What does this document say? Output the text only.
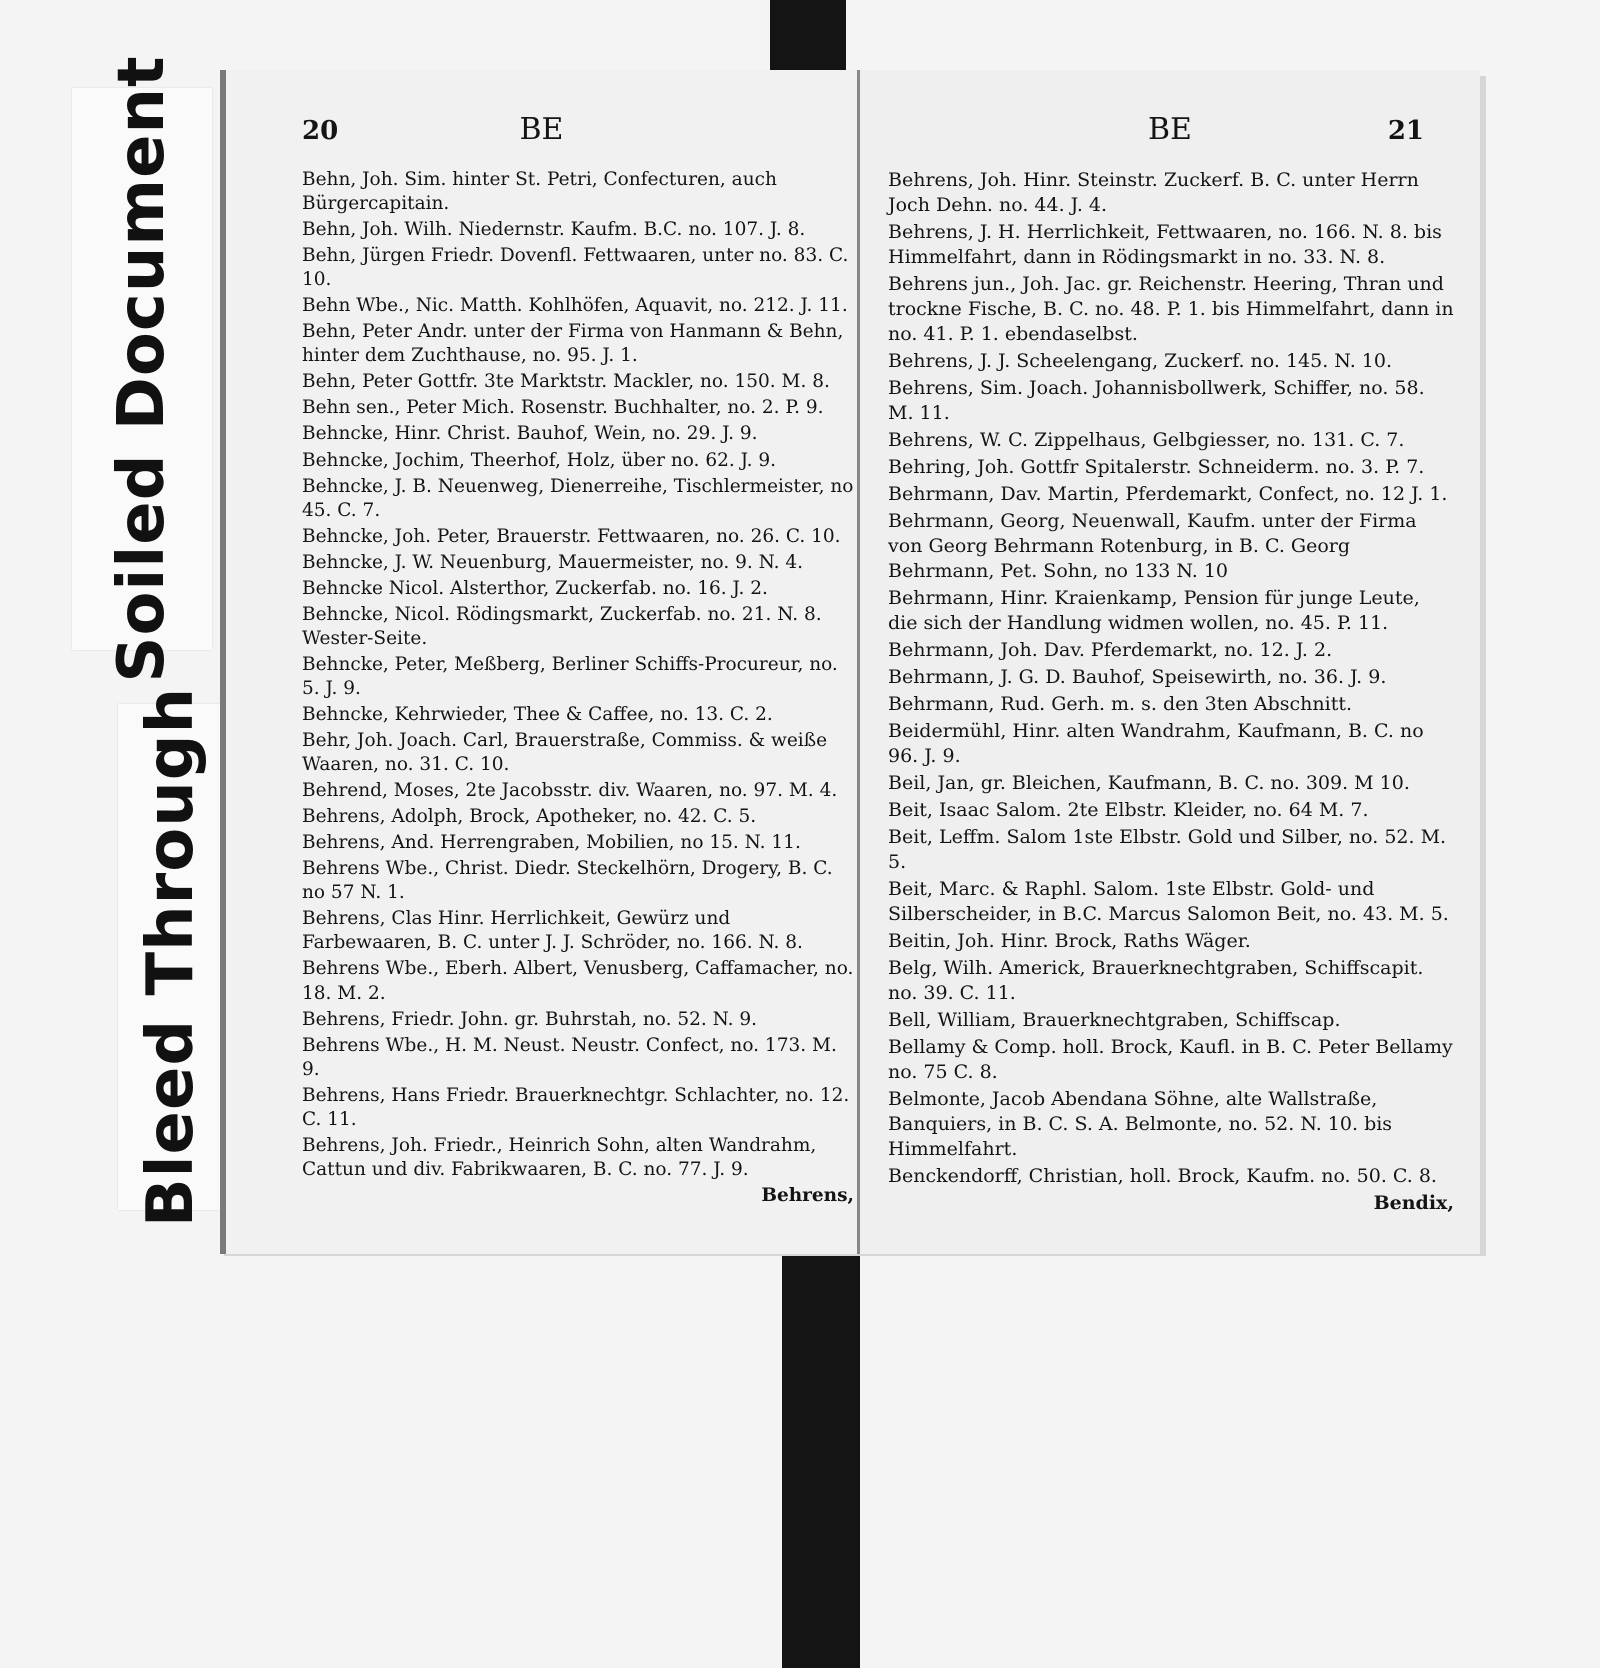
Soiled Document
Bleed Through
20	BE
Behn, Joh. Sim. hinter St. Petri, Confecturen, auch Bürgercapitain.
Behn, Joh. Wilh. Niedernstr. Kaufm. B.C. no. 107. J. 8.
Behn, Jürgen Friedr. Dovenfl. Fettwaaren, unter no. 83. C. 10.
Behn Wbe., Nic. Matth. Kohlhöfen, Aquavit, no. 212. J. 11.
Behn, Peter Andr. unter der Firma von Hanmann & Behn, hinter dem Zuchthause, no. 95. J. 1.
Behn, Peter Gottfr. 3te Marktstr. Mackler, no. 150. M. 8.
Behn sen., Peter Mich. Rosenstr. Buchhalter, no. 2. P. 9.
Behncke, Hinr. Christ. Bauhof, Wein, no. 29. J. 9.
Behncke, Jochim, Theerhof, Holz, über no. 62. J. 9.
Behncke, J. B. Neuenweg, Dienerreihe, Tischlermeister, no 45. C. 7.
Behncke, Joh. Peter, Brauerstr. Fettwaaren, no. 26. C. 10.
Behncke, J. W. Neuenburg, Mauermeister, no. 9. N. 4.
Behncke Nicol. Alsterthor, Zuckerfab. no. 16. J. 2.
Behncke, Nicol. Rödingsmarkt, Zuckerfab. no. 21. N. 8. Wester-Seite.
Behncke, Peter, Meßberg, Berliner Schiffs-Procureur, no. 5. J. 9.
Behncke, Kehrwieder, Thee & Caffee, no. 13. C. 2.
Behr, Joh. Joach. Carl, Brauerstraße, Commiss. & weiße Waaren, no. 31. C. 10.
Behrend, Moses, 2te Jacobsstr. div. Waaren, no. 97. M. 4.
Behrens, Adolph, Brock, Apotheker, no. 42. C. 5.
Behrens, And. Herrengraben, Mobilien, no 15. N. 11.
Behrens Wbe., Christ. Diedr. Steckelhörn, Drogery, B. C. no 57 N. 1.
Behrens, Clas Hinr. Herrlichkeit, Gewürz und Farbewaaren, B. C. unter J. J. Schröder, no. 166. N. 8.
Behrens Wbe., Eberh. Albert, Venusberg, Caffamacher, no. 18. M. 2.
Behrens, Friedr. John. gr. Buhrstah, no. 52. N. 9.
Behrens Wbe., H. M. Neust. Neustr. Confect, no. 173. M. 9.
Behrens, Hans Friedr. Brauerknechtgr. Schlachter, no. 12. C. 11.
Behrens, Joh. Friedr., Heinrich Sohn, alten Wandrahm, Cattun und div. Fabrikwaaren, B. C. no. 77. J. 9.
Behrens,
BE	21
Behrens, Joh. Hinr. Steinstr. Zuckerf. B. C. unter Herrn Joch Dehn. no. 44. J. 4.
Behrens, J. H. Herrlichkeit, Fettwaaren, no. 166. N. 8. bis Himmelfahrt, dann in Rödingsmarkt in no. 33. N. 8.
Behrens jun., Joh. Jac. gr. Reichenstr. Heering, Thran und trockne Fische, B. C. no. 48. P. 1. bis Himmelfahrt, dann in no. 41. P. 1. ebendaselbst.
Behrens, J. J. Scheelengang, Zuckerf. no. 145. N. 10.
Behrens, Sim. Joach. Johannisbollwerk, Schiffer, no. 58. M. 11.
Behrens, W. C. Zippelhaus, Gelbgiesser, no. 131. C. 7.
Behring, Joh. Gottfr Spitalerstr. Schneiderm. no. 3. P. 7.
Behrmann, Dav. Martin, Pferdemarkt, Confect, no. 12 J. 1.
Behrmann, Georg, Neuenwall, Kaufm. unter der Firma von Georg Behrmann Rotenburg, in B. C. Georg Behrmann, Pet. Sohn, no 133 N. 10
Behrmann, Hinr. Kraienkamp, Pension für junge Leute, die sich der Handlung widmen wollen, no. 45. P. 11.
Behrmann, Joh. Dav. Pferdemarkt, no. 12. J. 2.
Behrmann, J. G. D. Bauhof, Speisewirth, no. 36. J. 9.
Behrmann, Rud. Gerh. m. s. den 3ten Abschnitt.
Beidermühl, Hinr. alten Wandrahm, Kaufmann, B. C. no 96. J. 9.
Beil, Jan, gr. Bleichen, Kaufmann, B. C. no. 309. M 10.
Beit, Isaac Salom. 2te Elbstr. Kleider, no. 64 M. 7.
Beit, Leffm. Salom 1ste Elbstr. Gold und Silber, no. 52. M. 5.
Beit, Marc. & Raphl. Salom. 1ste Elbstr. Gold- und Silberscheider, in B.C. Marcus Salomon Beit, no. 43. M. 5.
Beitin, Joh. Hinr. Brock, Raths Wäger.
Belg, Wilh. Americk, Brauerknechtgraben, Schiffscapit. no. 39. C. 11.
Bell, William, Brauerknechtgraben, Schiffscap.
Bellamy & Comp. holl. Brock, Kaufl. in B. C. Peter Bellamy no. 75 C. 8.
Belmonte, Jacob Abendana Söhne, alte Wallstraße, Banquiers, in B. C. S. A. Belmonte, no. 52. N. 10. bis Himmelfahrt.
Benckendorff, Christian, holl. Brock, Kaufm. no. 50. C. 8.
Bendix,
